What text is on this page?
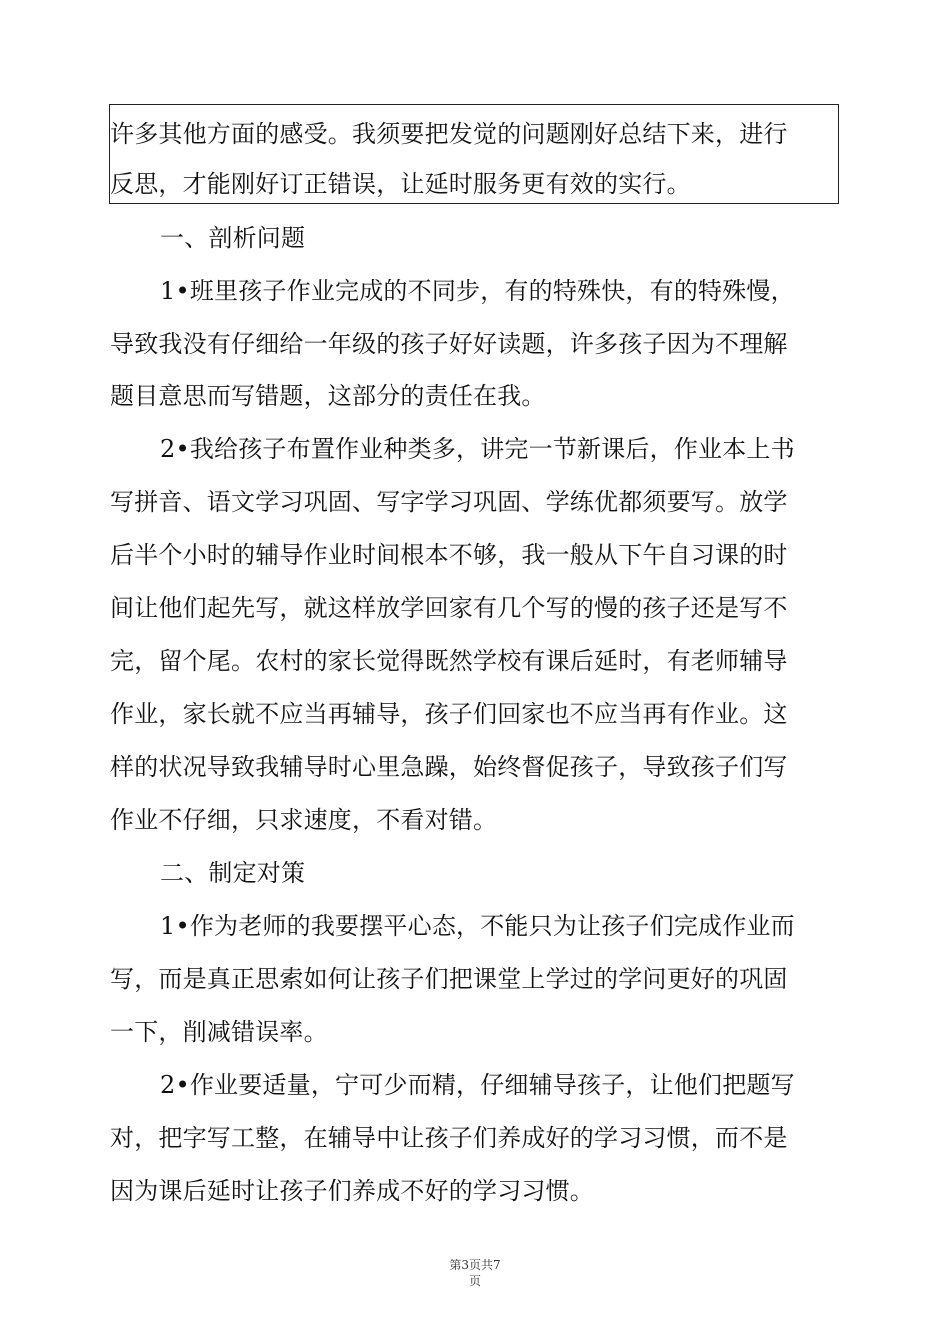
许多其他方面的感受。我须要把发觉的问题刚好总结下来，进行
反思，才能刚好订正错误，让延时服务更有效的实行。
一、剖析问题
1•班里孩子作业完成的不同步，有的特殊快，有的特殊慢，
导致我没有仔细给一年级的孩子好好读题，许多孩子因为不理解
题目意思而写错题，这部分的责任在我。
2•我给孩子布置作业种类多，讲完一节新课后，作业本上书
写拼音、语文学习巩固、写字学习巩固、学练优都须要写。放学
后半个小时的辅导作业时间根本不够，我一般从下午自习课的时
间让他们起先写，就这样放学回家有几个写的慢的孩子还是写不
完，留个尾。农村的家长觉得既然学校有课后延时，有老师辅导
作业，家长就不应当再辅导，孩子们回家也不应当再有作业。这
样的状况导致我辅导时心里急躁，始终督促孩子，导致孩子们写
作业不仔细，只求速度，不看对错。
二、制定对策
1•作为老师的我要摆平心态，不能只为让孩子们完成作业而
写，而是真正思索如何让孩子们把课堂上学过的学问更好的巩固
一下，削减错误率。
2•作业要适量，宁可少而精，仔细辅导孩子，让他们把题写
对，把字写工整，在辅导中让孩子们养成好的学习习惯，而不是
因为课后延时让孩子们养成不好的学习习惯。
第3页共7
页
